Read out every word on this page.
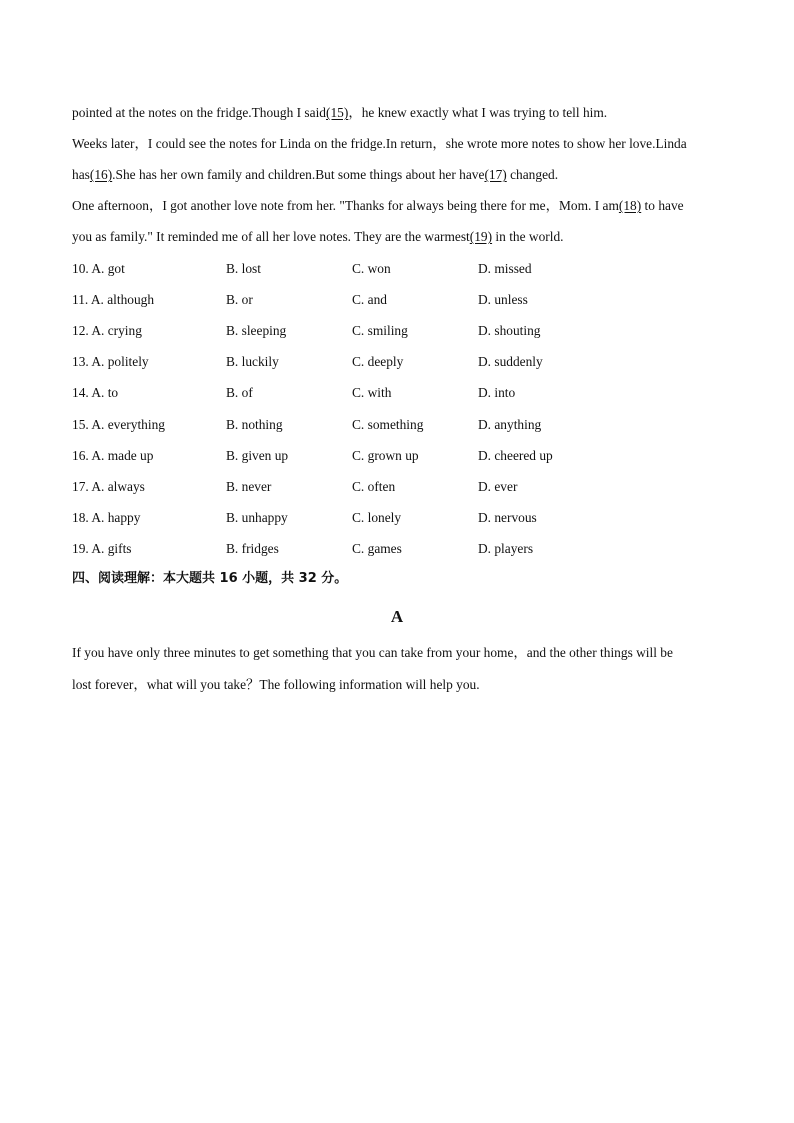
pointed at the notes on the fridge.Though I said(15)，he knew exactly what I was trying to tell him.
Weeks later，I could see the notes for Linda on the fridge.In return，she wrote more notes to show her love.Linda
has(16).She has her own family and children.But some things about her have(17) changed.
One afternoon，I got another love note from her. "Thanks for always being there for me，Mom. I am(18) to have
you as family." It reminded me of all her love notes. They are the warmest(19) in the world.
10. A. got	B. lost	C. won	D. missed
11. A. although	B. or	C. and	D. unless
12. A. crying	B. sleeping	C. smiling	D. shouting
13. A. politely	B. luckily	C. deeply	D. suddenly
14. A. to	B. of	C. with	D. into
15. A. everything	B. nothing	C. something	D. anything
16. A. made up	B. given up	C. grown up	D. cheered up
17. A. always	B. never	C. often	D. ever
18. A. happy	B. unhappy	C. lonely	D. nervous
19. A. gifts	B. fridges	C. games	D. players
四、阅读理解：本大题共 16 小题，共 32 分。
A
If you have only three minutes to get something that you can take from your home，and the other things will be
lost forever，what will you take？The following information will help you.
